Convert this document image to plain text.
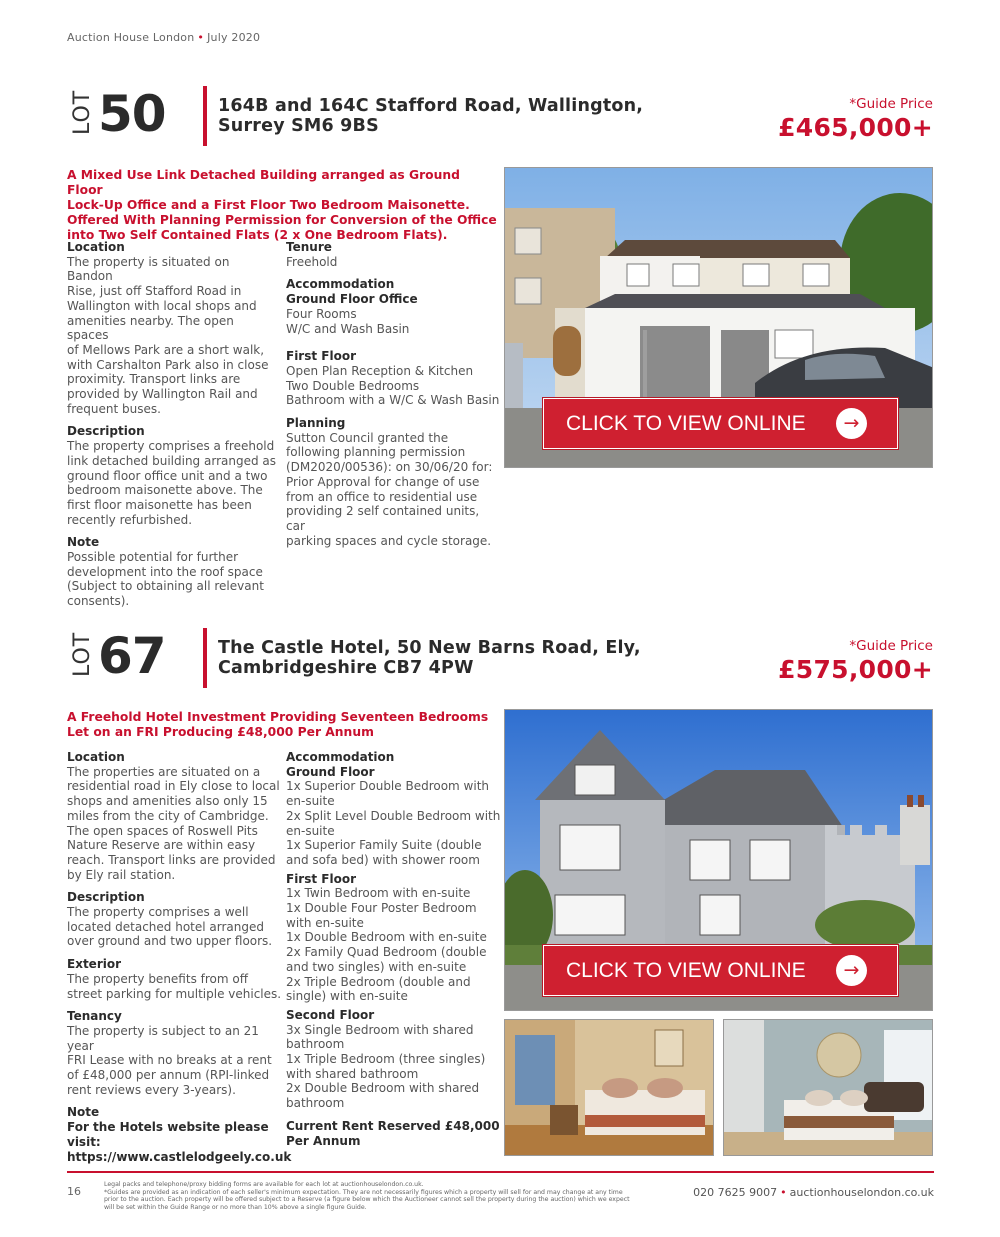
Auction House London • July 2020
LOT 50	164B and 164C Stafford Road, Wallington,
Surrey SM6 9BS
*Guide Price
£465,000+
A Mixed Use Link Detached Building arranged as Ground Floor
Lock-Up Office and a First Floor Two Bedroom Maisonette.
Offered With Planning Permission for Conversion of the Office
into Two Self Contained Flats (2 x One Bedroom Flats).
Location
The property is situated on Bandon
Rise, just off Stafford Road in
Wallington with local shops and
amenities nearby. The open spaces
of Mellows Park are a short walk,
with Carshalton Park also in close
proximity. Transport links are
provided by Wallington Rail and
frequent buses.
Description
The property comprises a freehold
link detached building arranged as
ground floor office unit and a two
bedroom maisonette above. The
first floor maisonette has been
recently refurbished.
Note
Possible potential for further
development into the roof space
(Subject to obtaining all relevant
consents).
Tenure
Freehold
Accommodation
Ground Floor Office
Four Rooms
W/C and Wash Basin
First Floor
Open Plan Reception & Kitchen
Two Double Bedrooms
Bathroom with a W/C & Wash Basin
Planning
Sutton Council granted the
following planning permission
(DM2020/00536): on 30/06/20 for:
Prior Approval for change of use
from an office to residential use
providing 2 self contained units, car
parking spaces and cycle storage.
CLICK TO VIEW ONLINE	→
LOT 67	The Castle Hotel, 50 New Barns Road, Ely,
Cambridgeshire CB7 4PW
*Guide Price
£575,000+
A Freehold Hotel Investment Providing Seventeen Bedrooms
Let on an FRI Producing £48,000 Per Annum
Location
The properties are situated on a
residential road in Ely close to local
shops and amenities also only 15
miles from the city of Cambridge.
The open spaces of Roswell Pits
Nature Reserve are within easy
reach. Transport links are provided
by Ely rail station.
Description
The property comprises a well
located detached hotel arranged
over ground and two upper floors.
Exterior
The property benefits from off
street parking for multiple vehicles.
Tenancy
The property is subject to an 21 year
FRI Lease with no breaks at a rent
of £48,000 per annum (RPI-linked
rent reviews every 3-years).
Note
For the Hotels website please visit:
https://www.castlelodgeely.co.uk
Accommodation
Ground Floor
1x Superior Double Bedroom with
en-suite
2x Split Level Double Bedroom with
en-suite
1x Superior Family Suite (double
and sofa bed) with shower room
First Floor
1x Twin Bedroom with en-suite
1x Double Four Poster Bedroom
with en-suite
1x Double Bedroom with en-suite
2x Family Quad Bedroom (double
and two singles) with en-suite
2x Triple Bedroom (double and
single) with en-suite
Second Floor
3x Single Bedroom with shared
bathroom
1x Triple Bedroom (three singles)
with shared bathroom
2x Double Bedroom with shared
bathroom
Current Rent Reserved £48,000
Per Annum
CLICK TO VIEW ONLINE	→
16
Legal packs and telephone/proxy bidding forms are available for each lot at auctionhouselondon.co.uk.
*Guides are provided as an indication of each seller's minimum expectation. They are not necessarily figures which a property will sell for and may change at any time
prior to the auction. Each property will be offered subject to a Reserve (a figure below which the Auctioneer cannot sell the property during the auction) which we expect
will be set within the Guide Range or no more than 10% above a single figure Guide.
020 7625 9007 • auctionhouselondon.co.uk
